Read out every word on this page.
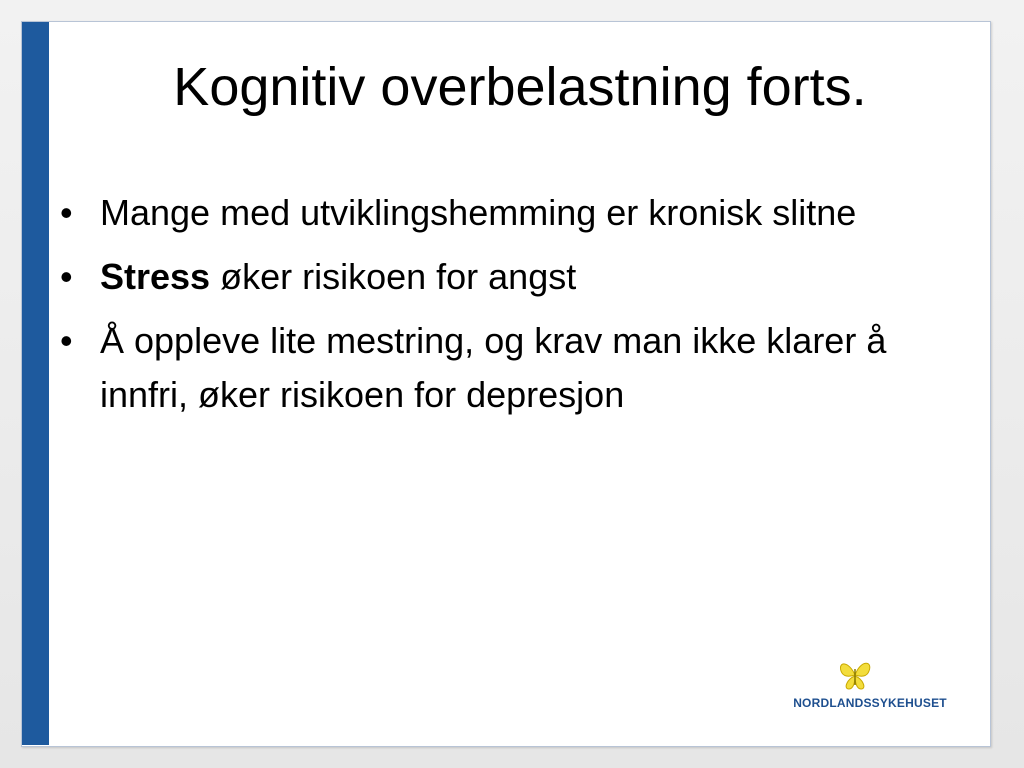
Kognitiv overbelastning forts.
• Mange med utviklingshemming er kronisk slitne
• Stress øker risikoen for angst
• Å oppleve lite mestring, og krav man ikke klarer å innfri, øker risikoen for depresjon
NORDLANDSSYKEHUSET
